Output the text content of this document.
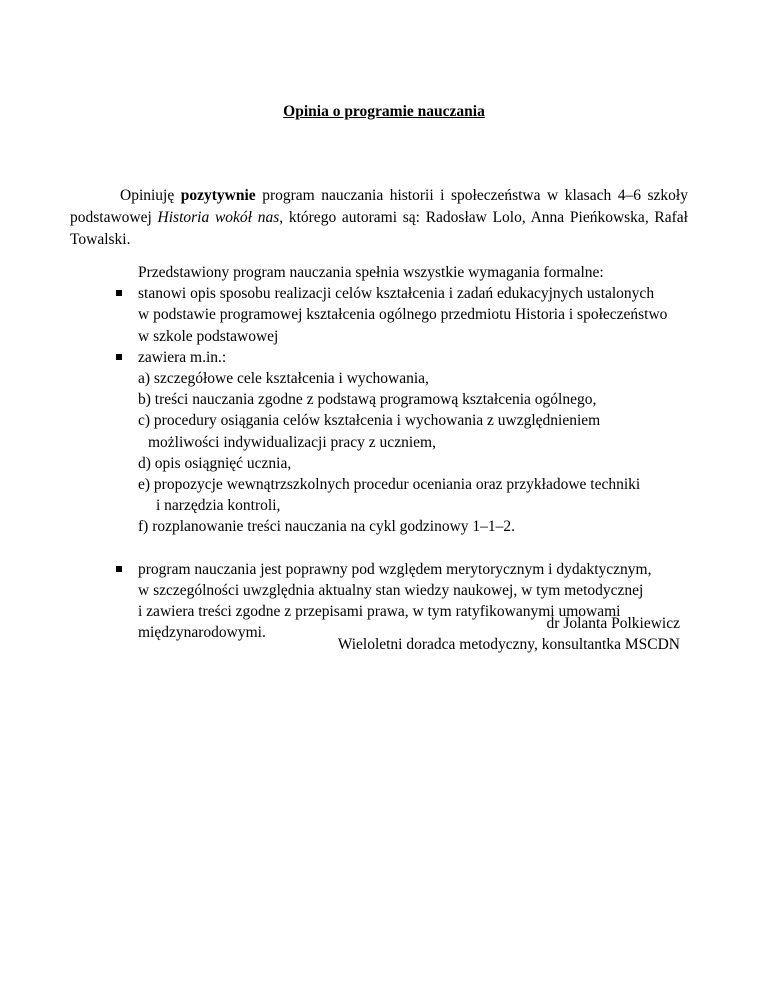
Opinia o programie nauczania

Opiniuję pozytywnie program nauczania historii i społeczeństwa w klasach 4–6 szkoły podstawowej Historia wokół nas, którego autorami są: Radosław Lolo, Anna Pieńkowska, Rafał Towalski.

Przedstawiony program nauczania spełnia wszystkie wymagania formalne:
stanowi opis sposobu realizacji celów kształcenia i zadań edukacyjnych ustalonych
w podstawie programowej kształcenia ogólnego przedmiotu Historia i społeczeństwo
w szkole podstawowej
zawiera m.in.:
a) szczegółowe cele kształcenia i wychowania,
b) treści nauczania zgodne z podstawą programową kształcenia ogólnego,
c) procedury osiągania celów kształcenia i wychowania z uwzględnieniem
możliwości indywidualizacji pracy z uczniem,
d) opis osiągnięć ucznia,
e) propozycje wewnątrzszkolnych procedur oceniania oraz przykładowe techniki
i narzędzia kontroli,
f) rozplanowanie treści nauczania na cykl godzinowy 1–1–2.
program nauczania jest poprawny pod względem merytorycznym i dydaktycznym,
w szczególności uwzględnia aktualny stan wiedzy naukowej, w tym metodycznej
i zawiera treści zgodne z przepisami prawa, w tym ratyfikowanymi umowami
międzynarodowymi.
dr Jolanta Polkiewicz
Wieloletni doradca metodyczny, konsultantka MSCDN
